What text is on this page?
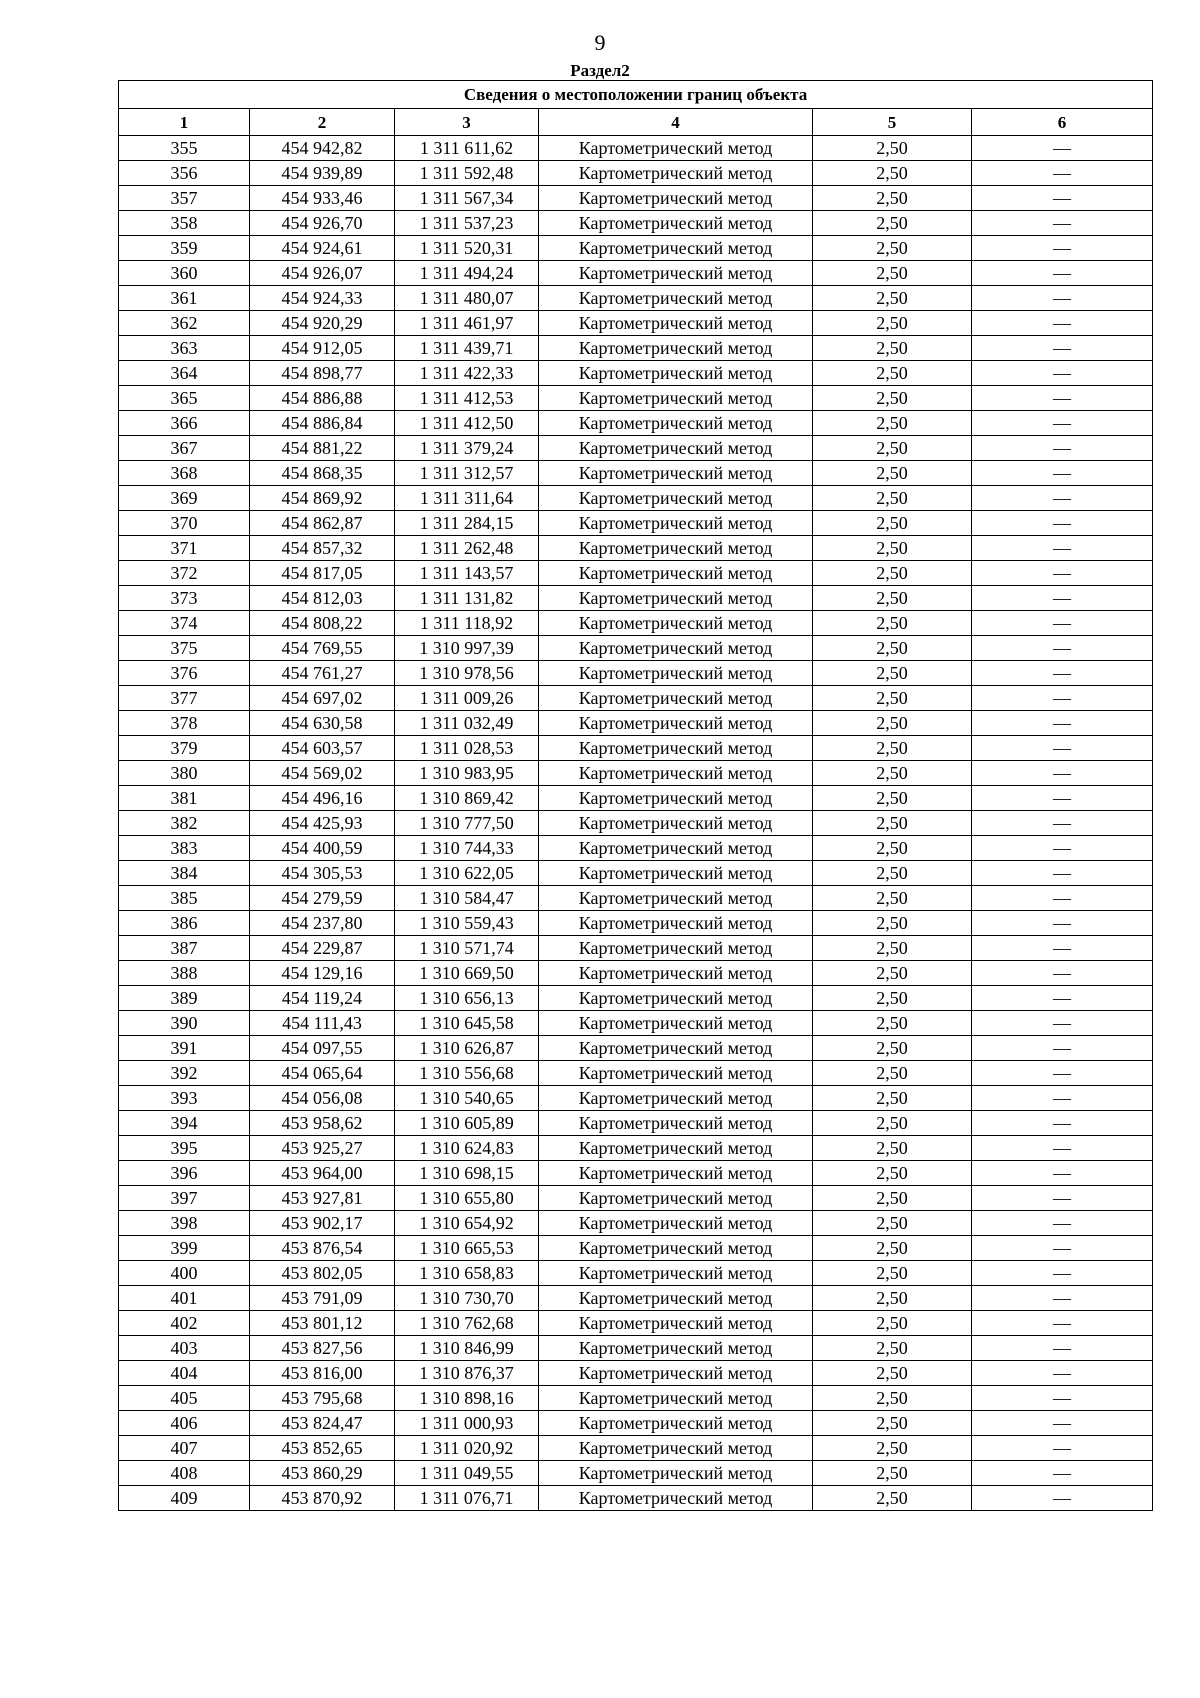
9
Раздел2
Сведения о местоположении границ объекта					
1	2	3	4	5	6
355	454 942,82	1 311 611,62	Картометрический метод	2,50	—
356	454 939,89	1 311 592,48	Картометрический метод	2,50	—
357	454 933,46	1 311 567,34	Картометрический метод	2,50	—
358	454 926,70	1 311 537,23	Картометрический метод	2,50	—
359	454 924,61	1 311 520,31	Картометрический метод	2,50	—
360	454 926,07	1 311 494,24	Картометрический метод	2,50	—
361	454 924,33	1 311 480,07	Картометрический метод	2,50	—
362	454 920,29	1 311 461,97	Картометрический метод	2,50	—
363	454 912,05	1 311 439,71	Картометрический метод	2,50	—
364	454 898,77	1 311 422,33	Картометрический метод	2,50	—
365	454 886,88	1 311 412,53	Картометрический метод	2,50	—
366	454 886,84	1 311 412,50	Картометрический метод	2,50	—
367	454 881,22	1 311 379,24	Картометрический метод	2,50	—
368	454 868,35	1 311 312,57	Картометрический метод	2,50	—
369	454 869,92	1 311 311,64	Картометрический метод	2,50	—
370	454 862,87	1 311 284,15	Картометрический метод	2,50	—
371	454 857,32	1 311 262,48	Картометрический метод	2,50	—
372	454 817,05	1 311 143,57	Картометрический метод	2,50	—
373	454 812,03	1 311 131,82	Картометрический метод	2,50	—
374	454 808,22	1 311 118,92	Картометрический метод	2,50	—
375	454 769,55	1 310 997,39	Картометрический метод	2,50	—
376	454 761,27	1 310 978,56	Картометрический метод	2,50	—
377	454 697,02	1 311 009,26	Картометрический метод	2,50	—
378	454 630,58	1 311 032,49	Картометрический метод	2,50	—
379	454 603,57	1 311 028,53	Картометрический метод	2,50	—
380	454 569,02	1 310 983,95	Картометрический метод	2,50	—
381	454 496,16	1 310 869,42	Картометрический метод	2,50	—
382	454 425,93	1 310 777,50	Картометрический метод	2,50	—
383	454 400,59	1 310 744,33	Картометрический метод	2,50	—
384	454 305,53	1 310 622,05	Картометрический метод	2,50	—
385	454 279,59	1 310 584,47	Картометрический метод	2,50	—
386	454 237,80	1 310 559,43	Картометрический метод	2,50	—
387	454 229,87	1 310 571,74	Картометрический метод	2,50	—
388	454 129,16	1 310 669,50	Картометрический метод	2,50	—
389	454 119,24	1 310 656,13	Картометрический метод	2,50	—
390	454 111,43	1 310 645,58	Картометрический метод	2,50	—
391	454 097,55	1 310 626,87	Картометрический метод	2,50	—
392	454 065,64	1 310 556,68	Картометрический метод	2,50	—
393	454 056,08	1 310 540,65	Картометрический метод	2,50	—
394	453 958,62	1 310 605,89	Картометрический метод	2,50	—
395	453 925,27	1 310 624,83	Картометрический метод	2,50	—
396	453 964,00	1 310 698,15	Картометрический метод	2,50	—
397	453 927,81	1 310 655,80	Картометрический метод	2,50	—
398	453 902,17	1 310 654,92	Картометрический метод	2,50	—
399	453 876,54	1 310 665,53	Картометрический метод	2,50	—
400	453 802,05	1 310 658,83	Картометрический метод	2,50	—
401	453 791,09	1 310 730,70	Картометрический метод	2,50	—
402	453 801,12	1 310 762,68	Картометрический метод	2,50	—
403	453 827,56	1 310 846,99	Картометрический метод	2,50	—
404	453 816,00	1 310 876,37	Картометрический метод	2,50	—
405	453 795,68	1 310 898,16	Картометрический метод	2,50	—
406	453 824,47	1 311 000,93	Картометрический метод	2,50	—
407	453 852,65	1 311 020,92	Картометрический метод	2,50	—
408	453 860,29	1 311 049,55	Картометрический метод	2,50	—
409	453 870,92	1 311 076,71	Картометрический метод	2,50	—
